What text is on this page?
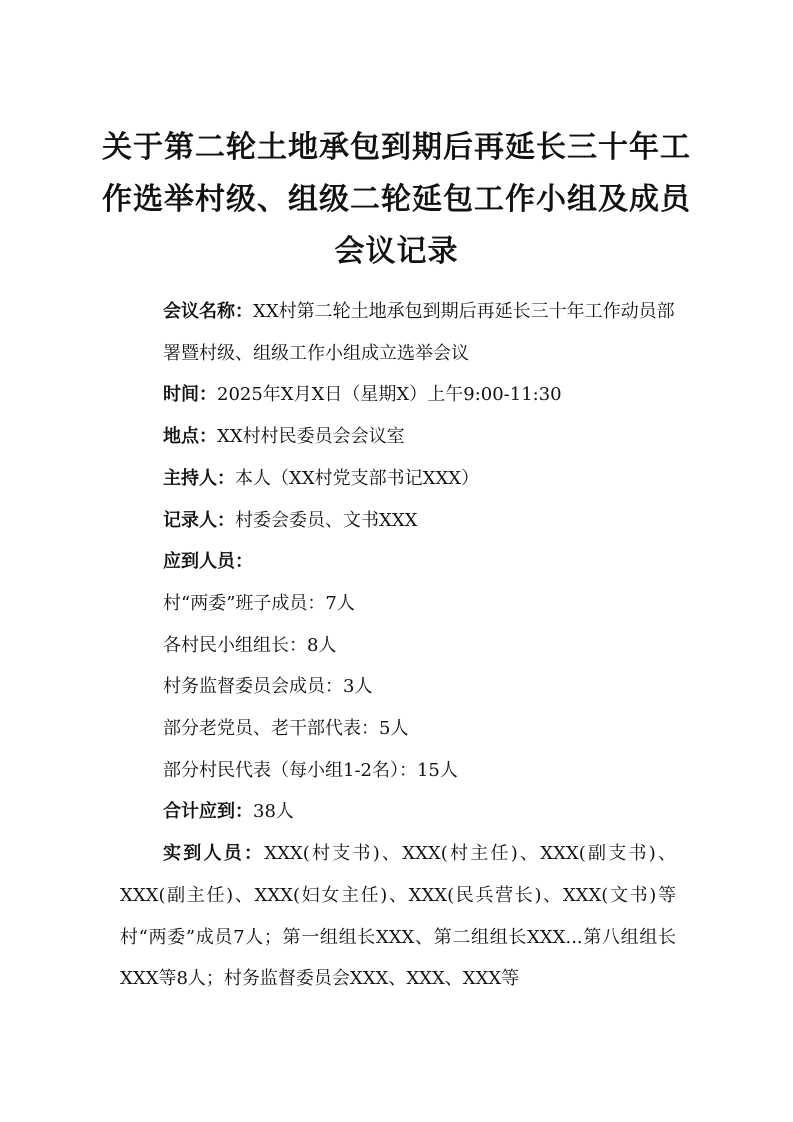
关于第二轮土地承包到期后再延长三十年工作选举村级、组级二轮延包工作小组及成员会议记录

会议名称：XX村第二轮土地承包到期后再延长三十年工作动员部署暨村级、组级工作小组成立选举会议

时间：2025年X月X日（星期X）上午9:00-11:30

地点：XX村村民委员会会议室

主持人：本人（XX村党支部书记XXX）

记录人：村委会委员、文书XXX

应到人员：

村“两委”班子成员：7人

各村民小组组长：8人

村务监督委员会成员：3人

部分老党员、老干部代表：5人

部分村民代表（每小组1-2名）：15人

合计应到：38人

实到人员：XXX(村支书)、XXX(村主任)、XXX(副支书)、XXX(副主任)、XXX(妇女主任)、XXX(民兵营长)、XXX(文书)等村“两委”成员7人；第一组组长XXX、第二组组长XXX...第八组组长XXX等8人；村务监督委员会XXX、XXX、XXX等
